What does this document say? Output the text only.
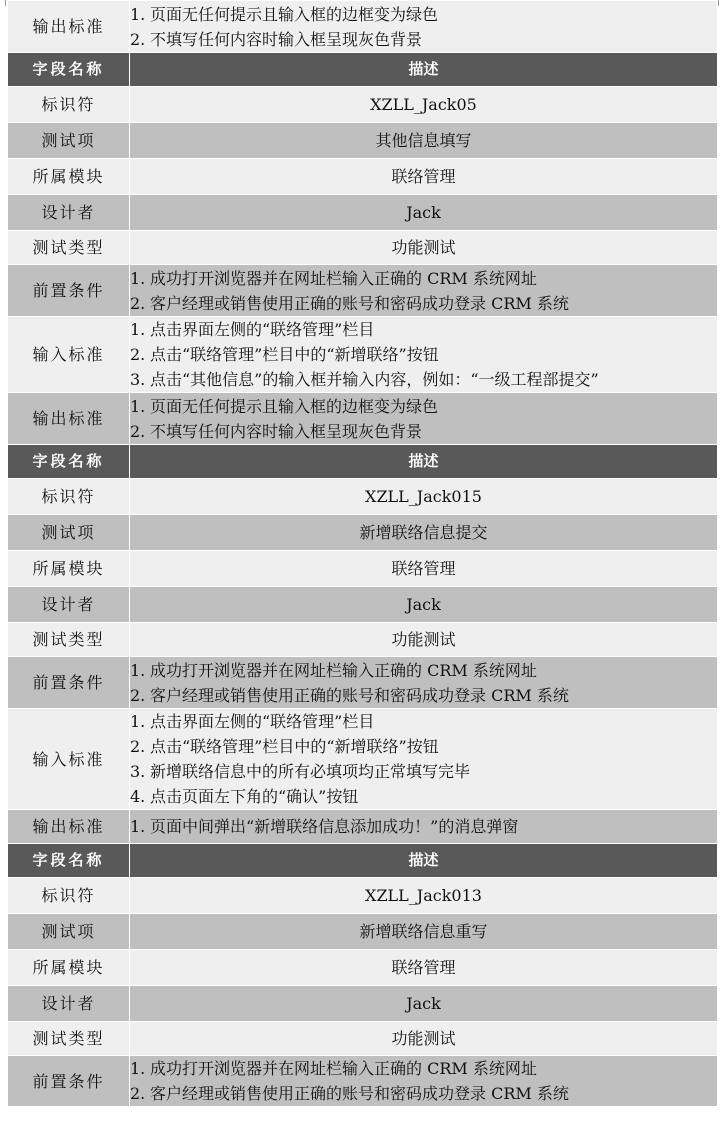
输出标准	1. 页面无任何提示且输入框的边框变为绿色
2. 不填写任何内容时输入框呈现灰色背景

字段名称	描述
标识符	XZLL_Jack05
测试项	其他信息填写
所属模块	联络管理
设计者	Jack
测试类型	功能测试
前置条件	1. 成功打开浏览器并在网址栏输入正确的 CRM 系统网址
2. 客户经理或销售使用正确的账号和密码成功登录 CRM 系统

输入标准	1. 点击界面左侧的“联络管理”栏目
2. 点击“联络管理”栏目中的“新增联络”按钮
3. 点击“其他信息”的输入框并输入内容，例如：“一级工程部提交”

输出标准	1. 页面无任何提示且输入框的边框变为绿色
2. 不填写任何内容时输入框呈现灰色背景

字段名称	描述
标识符	XZLL_Jack015
测试项	新增联络信息提交
所属模块	联络管理
设计者	Jack
测试类型	功能测试
前置条件	1. 成功打开浏览器并在网址栏输入正确的 CRM 系统网址
2. 客户经理或销售使用正确的账号和密码成功登录 CRM 系统

输入标准	1. 点击界面左侧的“联络管理”栏目
2. 点击“联络管理”栏目中的“新增联络”按钮
3. 新增联络信息中的所有必填项均正常填写完毕
4. 点击页面左下角的“确认”按钮

输出标准	1. 页面中间弹出“新增联络信息添加成功！”的消息弹窗

字段名称	描述
标识符	XZLL_Jack013
测试项	新增联络信息重写
所属模块	联络管理
设计者	Jack
测试类型	功能测试
前置条件	1. 成功打开浏览器并在网址栏输入正确的 CRM 系统网址
2. 客户经理或销售使用正确的账号和密码成功登录 CRM 系统
